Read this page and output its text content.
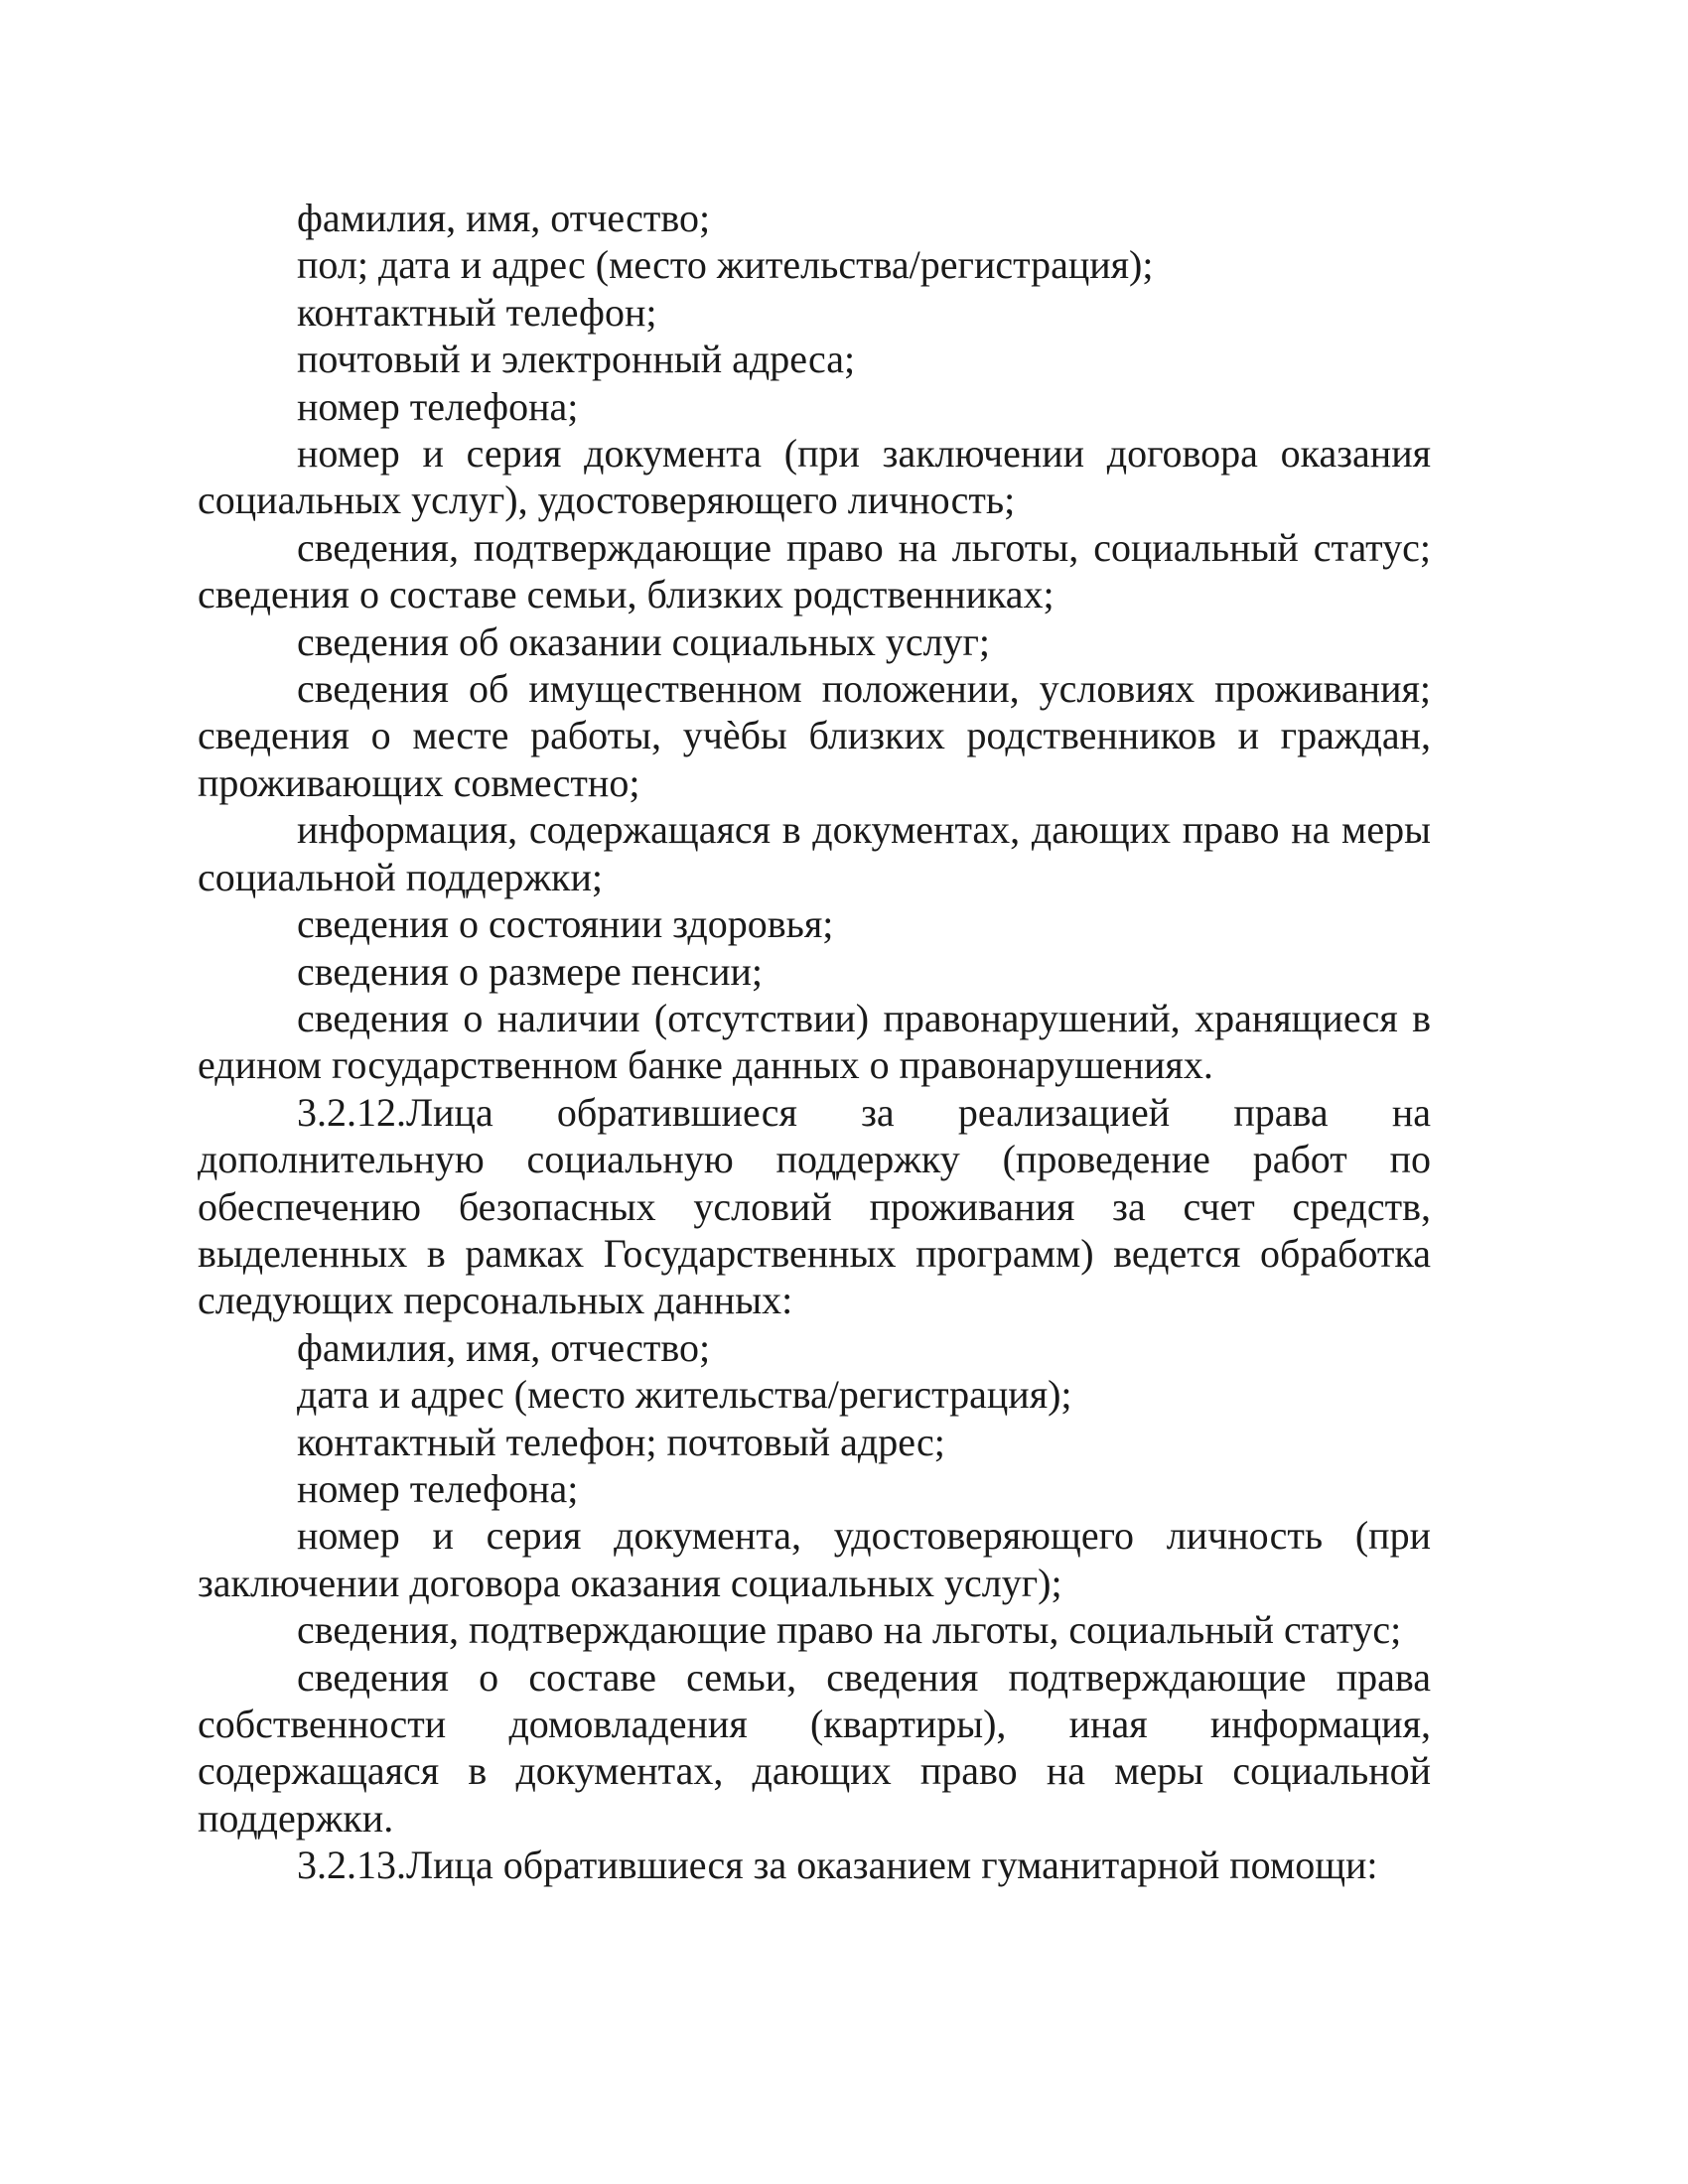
фамилия, имя, отчество;

пол; дата и адрес (место жительства/регистрация);

контактный телефон;

почтовый и электронный адреса;

номер телефона;

номер и серия документа (при заключении договора оказания социальных услуг), удостоверяющего личность;

сведения, подтверждающие право на льготы, социальный статус; сведения о составе семьи, близких родственниках;

сведения об оказании социальных услуг;

сведения об имущественном положении, условиях проживания; сведения о месте работы, учѐбы близких родственников и граждан, проживающих совместно;

информация, содержащаяся в документах, дающих право на меры социальной поддержки;

сведения о состоянии здоровья;

сведения о размере пенсии;

сведения о наличии (отсутствии) правонарушений, хранящиеся в едином государственном банке данных о правонарушениях.

3.2.12.Лица обратившиеся за реализацией права на дополнительную социальную поддержку (проведение работ по обеспечению безопасных условий проживания за счет средств, выделенных в рамках Государственных программ) ведется обработка следующих персональных данных:

фамилия, имя, отчество;

дата и адрес (место жительства/регистрация);

контактный телефон; почтовый адрес;

номер телефона;

номер и серия документа, удостоверяющего личность (при заключении договора оказания социальных услуг);

сведения, подтверждающие право на льготы, социальный статус;

сведения о составе семьи, сведения подтверждающие права собственности домовладения (квартиры), иная информация, содержащаяся в документах, дающих право на меры социальной поддержки.

3.2.13.Лица обратившиеся за оказанием гуманитарной помощи:
